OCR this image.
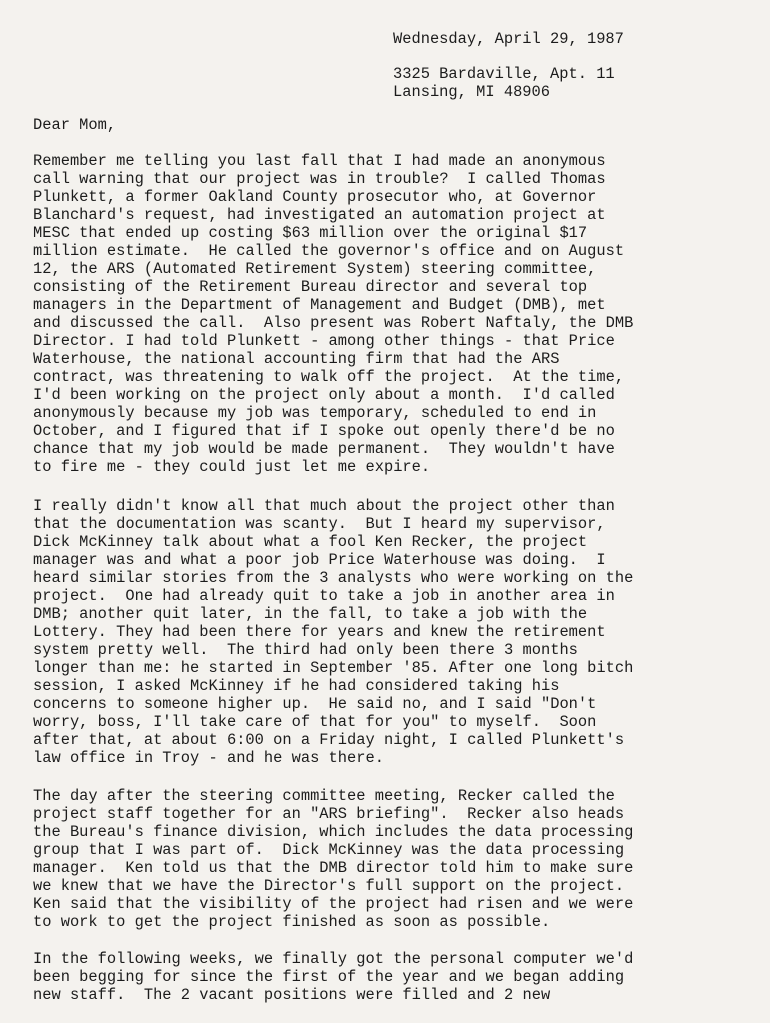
Wednesday, April 29, 1987
3325 Bardaville, Apt. 11
Lansing, MI 48906
Dear Mom,
Remember me telling you last fall that I had made an anonymous
call warning that our project was in trouble?  I called Thomas
Plunkett, a former Oakland County prosecutor who, at Governor
Blanchard's request, had investigated an automation project at
MESC that ended up costing $63 million over the original $17
million estimate.  He called the governor's office and on August
12, the ARS (Automated Retirement System) steering committee,
consisting of the Retirement Bureau director and several top
managers in the Department of Management and Budget (DMB), met
and discussed the call.  Also present was Robert Naftaly, the DMB
Director. I had told Plunkett - among other things - that Price
Waterhouse, the national accounting firm that had the ARS
contract, was threatening to walk off the project.  At the time,
I'd been working on the project only about a month.  I'd called
anonymously because my job was temporary, scheduled to end in
October, and I figured that if I spoke out openly there'd be no
chance that my job would be made permanent.  They wouldn't have
to fire me - they could just let me expire.
I really didn't know all that much about the project other than
that the documentation was scanty.  But I heard my supervisor,
Dick McKinney talk about what a fool Ken Recker, the project
manager was and what a poor job Price Waterhouse was doing.  I
heard similar stories from the 3 analysts who were working on the
project.  One had already quit to take a job in another area in
DMB; another quit later, in the fall, to take a job with the
Lottery. They had been there for years and knew the retirement
system pretty well.  The third had only been there 3 months
longer than me: he started in September '85. After one long bitch
session, I asked McKinney if he had considered taking his
concerns to someone higher up.  He said no, and I said "Don't
worry, boss, I'll take care of that for you" to myself.  Soon
after that, at about 6:00 on a Friday night, I called Plunkett's
law office in Troy - and he was there.
The day after the steering committee meeting, Recker called the
project staff together for an "ARS briefing".  Recker also heads
the Bureau's finance division, which includes the data processing
group that I was part of.  Dick McKinney was the data processing
manager.  Ken told us that the DMB director told him to make sure
we knew that we have the Director's full support on the project.
Ken said that the visibility of the project had risen and we were
to work to get the project finished as soon as possible.
In the following weeks, we finally got the personal computer we'd
been begging for since the first of the year and we began adding
new staff.  The 2 vacant positions were filled and 2 new
